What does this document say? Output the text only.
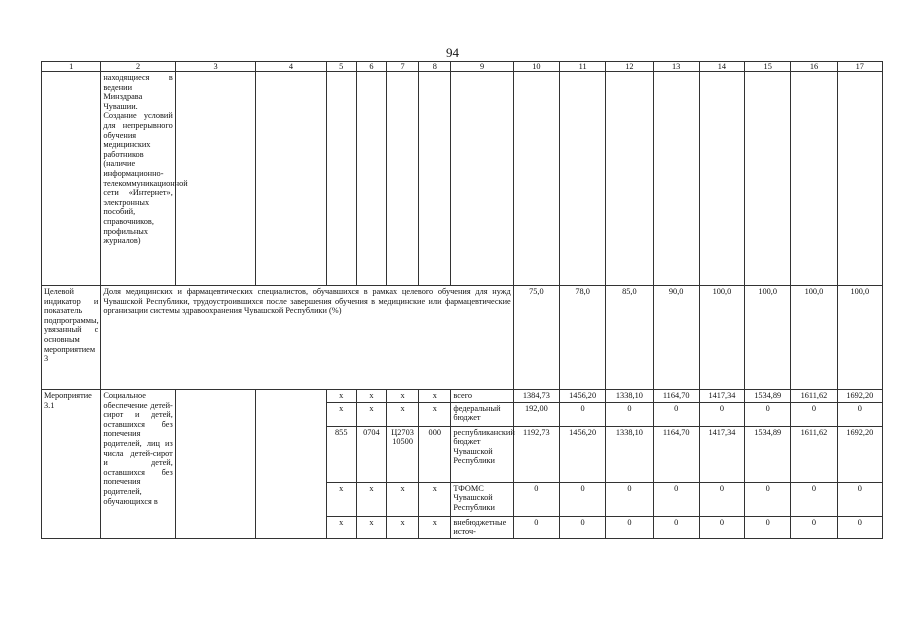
94
1	2	3	4	5	6	7	8	9	10	11	12	13	14	15	16	17
	находящиеся в ведении Минздрава Чувашии. Создание условий для непрерывного обучения медицинских работников (наличие информационно-телекоммуникационной сети «Интернет», электронных пособий, справочников, профильных журналов)															
Целевой индикатор и показатель подпрограммы, увязанный с основным мероприятием 3	Доля медицинских и фармацевтических специалистов, обучавшихся в рамках целевого обучения для нужд Чувашской Республики, трудоустроившихся после завершения обучения в медицинские или фармацевтические организации системы здравоохранения Чувашской Республики (%)								75,0	78,0	85,0	90,0	100,0	100,0	100,0	100,0
Мероприятие 3.1	Социальное обеспечение детей-сирот и детей, оставшихся без попечения родителей, лиц из числа детей-сирот и детей, оставшихся без попечения родителей, обучающихся в			x	x	x	x	всего	1384,73	1456,20	1338,10	1164,70	1417,34	1534,89	1611,62	1692,20
				x	x	x	x	федеральный бюджет	192,00	0	0	0	0	0	0	0
				855	0704	Ц2703 10500	000	республиканский бюджет Чувашской Республики	1192,73	1456,20	1338,10	1164,70	1417,34	1534,89	1611,62	1692,20
				x	x	x	x	ТФОМС Чувашской Республики	0	0	0	0	0	0	0	0
				x	x	x	x	внебюджетные источ-	0	0	0	0	0	0	0	0
